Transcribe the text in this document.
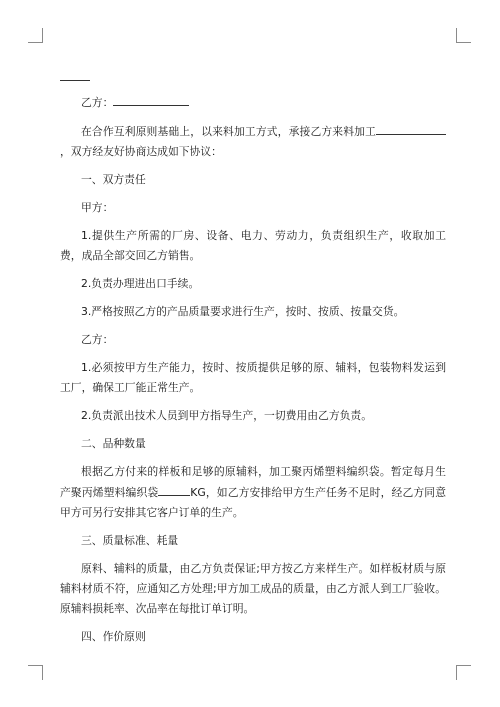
乙方：

在合作互利原则基础上，以来料加工方式，承接乙方来料加工，双方经友好协商达成如下协议：

一、双方责任

甲方：

1.提供生产所需的厂房、设备、电力、劳动力，负责组织生产，收取加工费，成品全部交回乙方销售。

2.负责办理进出口手续。

3.严格按照乙方的产品质量要求进行生产，按时、按质、按量交货。

乙方：

1.必须按甲方生产能力，按时、按质提供足够的原、辅料，包装物料发运到工厂，确保工厂能正常生产。

2.负责派出技术人员到甲方指导生产，一切费用由乙方负责。

二、品种数量

根据乙方付来的样板和足够的原辅料，加工聚丙烯塑料编织袋。暂定每月生产聚丙烯塑料编织袋	KG，如乙方安排给甲方生产任务不足时，经乙方同意甲方可另行安排其它客户订单的生产。

三、质量标准、耗量

原料、辅料的质量，由乙方负责保证;甲方按乙方来样生产。如样板材质与原辅料材质不符，应通知乙方处理;甲方加工成品的质量，由乙方派人到工厂验收。原辅料损耗率、次品率在每批订单订明。

四、作价原则
